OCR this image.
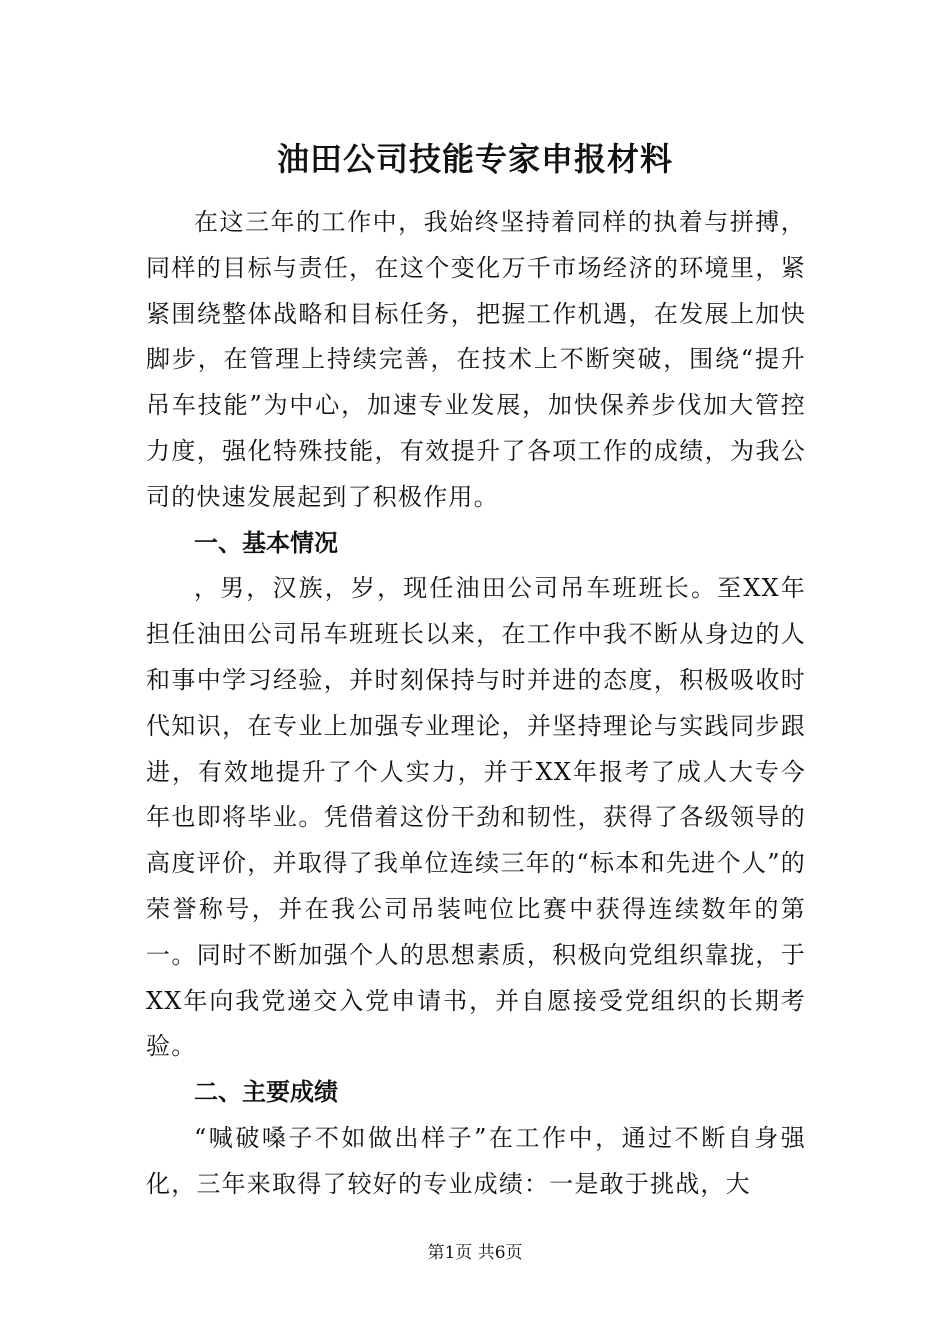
油田公司技能专家申报材料

在这三年的工作中，我始终坚持着同样的执着与拼搏，同样的目标与责任，在这个变化万千市场经济的环境里，紧紧围绕整体战略和目标任务，把握工作机遇，在发展上加快脚步，在管理上持续完善，在技术上不断突破，围绕“提升吊车技能”为中心，加速专业发展，加快保养步伐加大管控力度，强化特殊技能，有效提升了各项工作的成绩，为我公司的快速发展起到了积极作用。

一、基本情况

，男，汉族，岁，现任油田公司吊车班班长。至XX年担任油田公司吊车班班长以来，在工作中我不断从身边的人和事中学习经验，并时刻保持与时并进的态度，积极吸收时代知识，在专业上加强专业理论，并坚持理论与实践同步跟进，有效地提升了个人实力，并于XX年报考了成人大专今年也即将毕业。凭借着这份干劲和韧性，获得了各级领导的高度评价，并取得了我单位连续三年的“标本和先进个人”的荣誉称号，并在我公司吊装吨位比赛中获得连续数年的第一。同时不断加强个人的思想素质，积极向党组织靠拢，于XX年向我党递交入党申请书，并自愿接受党组织的长期考验。

二、主要成绩

“喊破嗓子不如做出样子”在工作中，通过不断自身强化，三年来取得了较好的专业成绩：一是敢于挑战，大

第1页 共6页
